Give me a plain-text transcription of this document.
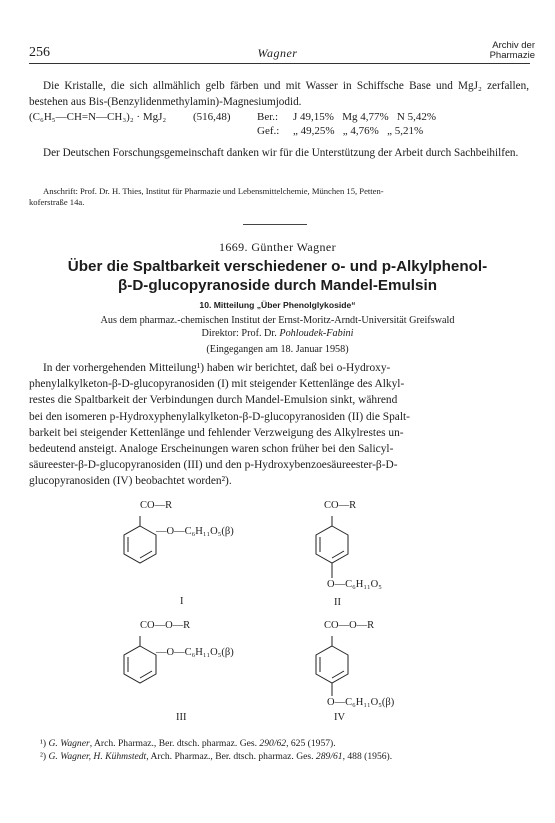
256	Wagner
Archiv der
Pharmazie

Die Kristalle, die sich allmählich gelb färben und mit Wasser in Schiffsche Base und MgJ₂ zerfallen, bestehen aus Bis-(Benzylidenmethylamin)-Magnesiumjodid.

(C₆H₅—CH=N—CH₃)₂ · MgJ₂ (516,48) Ber.: J 49,15%   Mg 4,77%   N 5,42%
Gef.: „ 49,25%   „ 4,76%   „ 5,21%

Der Deutschen Forschungsgemeinschaft danken wir für die Unterstützung der Arbeit durch Sachbeihilfen.

Anschrift: Prof. Dr. H. Thies, Institut für Pharmazie und Lebensmittelchemie, München 15, Petten-
koferstraße 14a.
1669. Günther Wagner
Über die Spaltbarkeit verschiedener o- und p-Alkylphenol-
β-D-glucopyranoside durch Mandel-Emulsin
10. Mitteilung „Über Phenolglykoside“
Aus dem pharmaz.-chemischen Institut der Ernst-Moritz-Arndt-Universität Greifswald
Direktor: Prof. Dr. Pohloudek-Fabini
(Eingegangen am 18. Januar 1958)
In der vorhergehenden Mitteilung¹) haben wir berichtet, daß bei o-Hydroxy-
phenylalkylketon-β-D-glucopyranosiden (I) mit steigender Kettenlänge des Alkyl-
restes die Spaltbarkeit der Verbindungen durch Mandel-Emulsion sinkt, während
bei den isomeren p-Hydroxyphenylalkylketon-β-D-glucopyranosiden (II) die Spalt-
barkeit bei steigender Kettenlänge und fehlender Verzweigung des Alkylrestes un-
bedeutend ansteigt. Analoge Erscheinungen waren schon früher bei den Salicyl-
säureester-β-D-glucopyranosiden (III) und den p-Hydroxybenzoesäureester-β-D-
glucopyranosiden (IV) beobachtet worden²).
CO—R
—O—C₆H₁₁O₅(β)
I
CO—R
O—C₆H₁₁O₅
II
CO—O—R
—O—C₆H₁₁O₅(β)
III
CO—O—R
O—C₆H₁₁O₅(β)
IV
¹) G. Wagner, Arch. Pharmaz., Ber. dtsch. pharmaz. Ges. 290/62, 625 (1957).
²) G. Wagner, H. Kühmstedt, Arch. Pharmaz., Ber. dtsch. pharmaz. Ges. 289/61, 488 (1956).
